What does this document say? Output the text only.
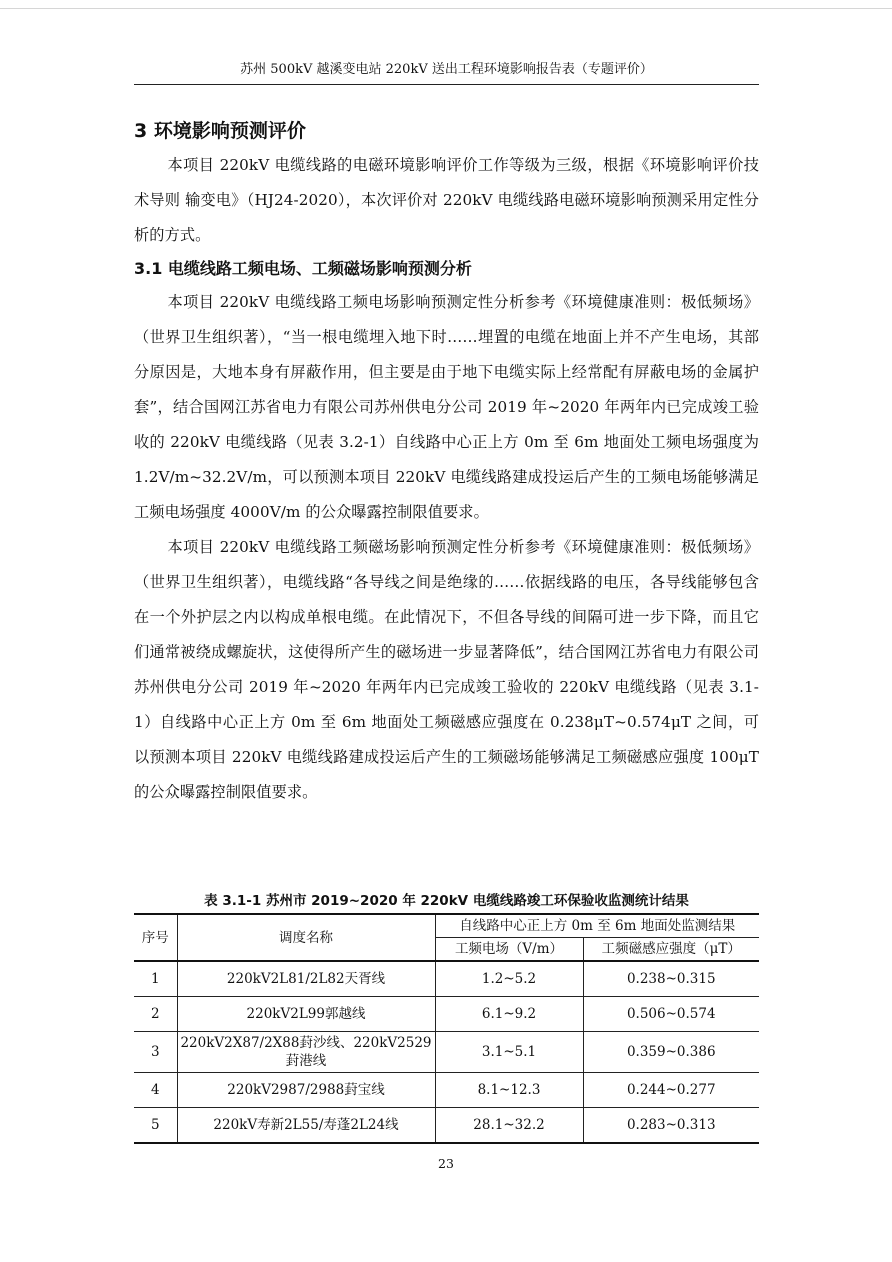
苏州 500kV 越溪变电站 220kV 送出工程环境影响报告表（专题评价）
3 环境影响预测评价

本项目 220kV 电缆线路的电磁环境影响评价工作等级为三级，根据《环境影响评价技术导则 输变电》（HJ24-2020），本次评价对 220kV 电缆线路电磁环境影响预测采用定性分析的方式。

3.1 电缆线路工频电场、工频磁场影响预测分析

本项目 220kV 电缆线路工频电场影响预测定性分析参考《环境健康准则：极低频场》（世界卫生组织著），“当一根电缆埋入地下时……埋置的电缆在地面上并不产生电场，其部分原因是，大地本身有屏蔽作用，但主要是由于地下电缆实际上经常配有屏蔽电场的金属护套”，结合国网江苏省电力有限公司苏州供电分公司 2019 年~2020 年两年内已完成竣工验收的 220kV 电缆线路（见表 3.2-1）自线路中心正上方 0m 至 6m 地面处工频电场强度为 1.2V/m~32.2V/m，可以预测本项目 220kV 电缆线路建成投运后产生的工频电场能够满足工频电场强度 4000V/m 的公众曝露控制限值要求。

本项目 220kV 电缆线路工频磁场影响预测定性分析参考《环境健康准则：极低频场》（世界卫生组织著），电缆线路“各导线之间是绝缘的……依据线路的电压，各导线能够包含在一个外护层之内以构成单根电缆。在此情况下，不但各导线的间隔可进一步下降，而且它们通常被绕成螺旋状，这使得所产生的磁场进一步显著降低”，结合国网江苏省电力有限公司苏州供电分公司 2019 年~2020 年两年内已完成竣工验收的 220kV 电缆线路（见表 3.1-1）自线路中心正上方 0m 至 6m 地面处工频磁感应强度在 0.238μT~0.574μT 之间，可以预测本项目 220kV 电缆线路建成投运后产生的工频磁场能够满足工频磁感应强度 100μT 的公众曝露控制限值要求。

表 3.1-1 苏州市 2019~2020 年 220kV 电缆线路竣工环保验收监测统计结果
序号	调度名称	自线路中心正上方 0m 至 6m 地面处监测结果	
		工频电场（V/m）	工频磁感应强度（μT）
1	220kV2L81/2L82天胥线	1.2~5.2	0.238~0.315
2	220kV2L99郭越线	6.1~9.2	0.506~0.574
3	220kV2X87/2X88葑沙线、220kV2529葑港线	3.1~5.1	0.359~0.386
4	220kV2987/2988葑宝线	8.1~12.3	0.244~0.277
5	220kV寿新2L55/寿蓬2L24线	28.1~32.2	0.283~0.313
23
